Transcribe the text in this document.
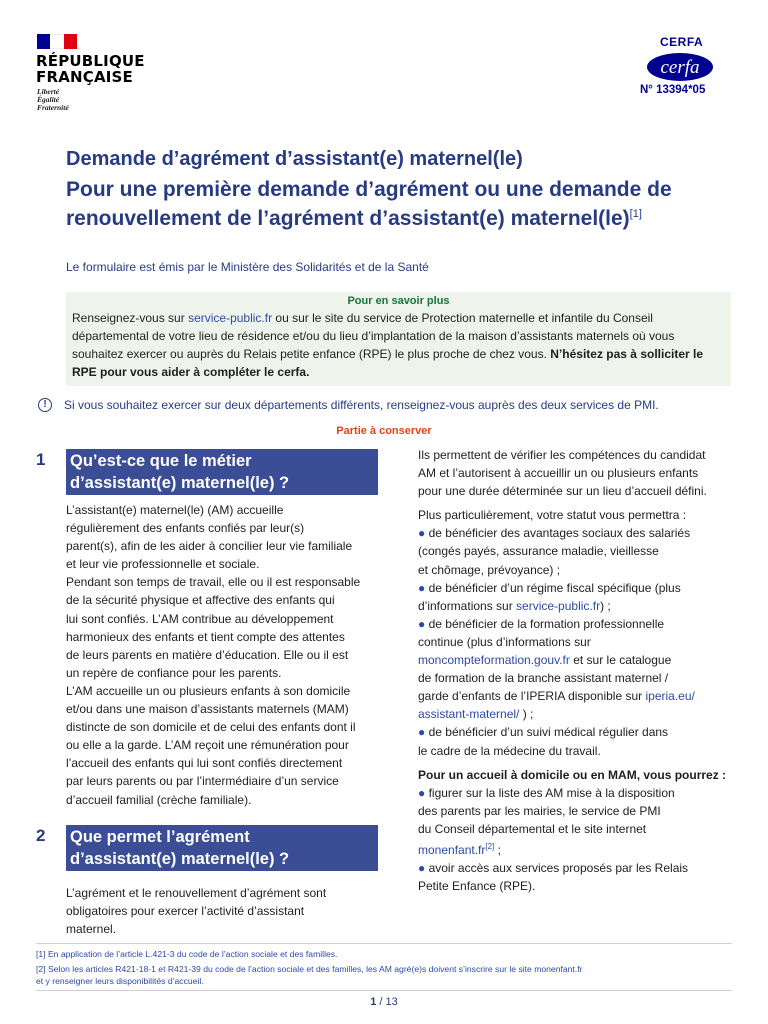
RÉPUBLIQUE
FRANÇAISE
Liberté
Égalité
Fraternité
CERFA
cerfa
N° 13394*05
Demande d’agrément d’assistant(e) maternel(le)
Pour une première demande d’agrément ou une demande de renouvellement de l’agrément d’assistant(e) maternel(le)[1]
Le formulaire est émis par le Ministère des Solidarités et de la Santé
Pour en savoir plus
Renseignez-vous sur service-public.fr ou sur le site du service de Protection maternelle et infantile du Conseil départemental de votre lieu de résidence et/ou du lieu d’implantation de la maison d’assistants maternels où vous souhaitez exercer ou auprès du Relais petite enfance (RPE) le plus proche de chez vous. N’hésitez pas à solliciter le RPE pour vous aider à compléter le cerfa.
!	Si vous souhaitez exercer sur deux départements différents, renseignez-vous auprès des deux services de PMI.
Partie à conserver
1 Qu’est-ce que le métier
d’assistant(e) maternel(le) ?

L’assistant(e) maternel(le) (AM) accueille
régulièrement des enfants confiés par leur(s)
parent(s), afin de les aider à concilier leur vie familiale
et leur vie professionnelle et sociale.
Pendant son temps de travail, elle ou il est responsable
de la sécurité physique et affective des enfants qui
lui sont confiés. L’AM contribue au développement
harmonieux des enfants et tient compte des attentes
de leurs parents en matière d’éducation. Elle ou il est
un repère de confiance pour les parents.
L’AM accueille un ou plusieurs enfants à son domicile
et/ou dans une maison d’assistants maternels (MAM)
distincte de son domicile et de celui des enfants dont il
ou elle a la garde. L’AM reçoit une rémunération pour
l’accueil des enfants qui lui sont confiés directement
par leurs parents ou par l’intermédiaire d’un service
d’accueil familial (crèche familiale).

2 Que permet l’agrément
d’assistant(e) maternel(le) ?

L’agrément et le renouvellement d’agrément sont
obligatoires pour exercer l’activité d’assistant
maternel.

Ils permettent de vérifier les compétences du candidat
AM et l’autorisent à accueillir un ou plusieurs enfants
pour une durée déterminée sur un lieu d’accueil défini.

Plus particulièrement, votre statut vous permettra :

● de bénéficier des avantages sociaux des salariés
(congés payés, assurance maladie, vieillesse
et chômage, prévoyance) ;

● de bénéficier d’un régime fiscal spécifique (plus
d’informations sur service-public.fr) ;

● de bénéficier de la formation professionnelle
continue (plus d’informations sur
moncompteformation.gouv.fr et sur le catalogue
de formation de la branche assistant maternel /
garde d’enfants de l’IPERIA disponible sur iperia.eu/
assistant-maternel/ ) ;

● de bénéficier d’un suivi médical régulier dans
le cadre de la médecine du travail.

Pour un accueil à domicile ou en MAM, vous pourrez :

● figurer sur la liste des AM mise à la disposition
des parents par les mairies, le service de PMI
du Conseil départemental et le site internet
monenfant.fr[2] ;

● avoir accès aux services proposés par les Relais
Petite Enfance (RPE).

[1] En application de l’article L.421-3 du code de l’action sociale et des familles.
[2] Selon les articles R421-18-1 et R421-39 du code de l’action sociale et des familles, les AM agré(e)s doivent s’inscrire sur le site monenfant.fr
et y renseigner leurs disponibilités d’accueil.
1 / 13
